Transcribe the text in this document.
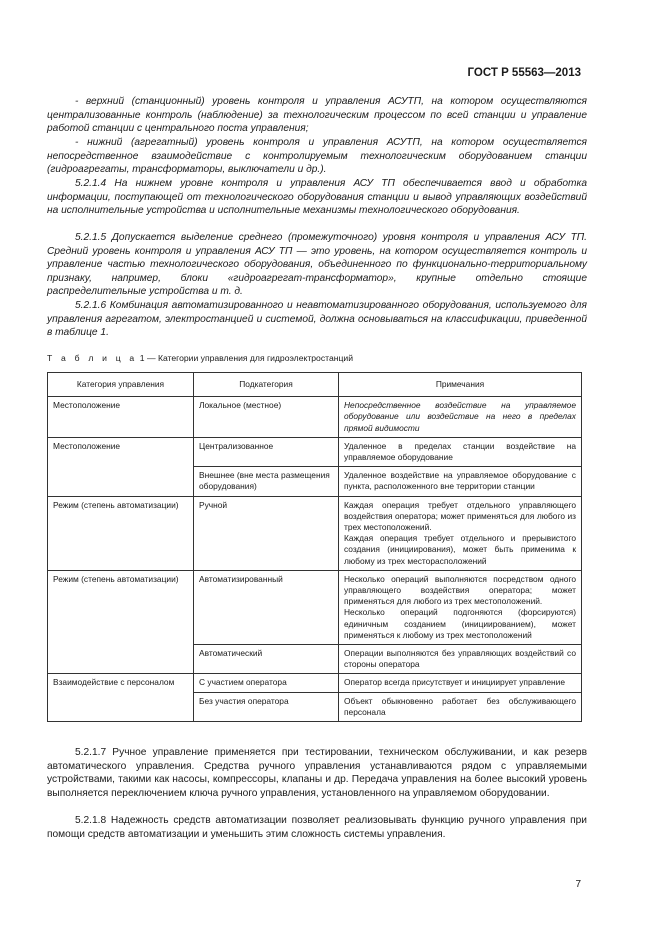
ГОСТ Р 55563—2013

- верхний (станционный) уровень контроля и управления АСУТП, на котором осуществляются централизованные контроль (наблюдение) за технологическим процессом по всей станции и управление работой станции с центрального поста управления;

- нижний (агрегатный) уровень контроля и управления АСУТП, на котором осуществляется непосредственное взаимодействие с контролируемым технологическим оборудованием станции (гидроагрегаты, трансформаторы, выключатели и др.).

5.2.1.4 На нижнем уровне контроля и управления АСУ ТП обеспечивается ввод и обработка информации, поступающей от технологического оборудования станции и вывод управляющих воздействий на исполнительные устройства и исполнительные механизмы технологического оборудования.

5.2.1.5 Допускается выделение среднего (промежуточного) уровня контроля и управления АСУ ТП. Средний уровень контроля и управления АСУ ТП — это уровень, на котором осуществляется контроль и управление частью технологического оборудования, объединенного по функционально-территориальному признаку, например, блоки «гидроагрегат-трансформатор», крупные отдельно стоящие распределительные устройства и т. д.

5.2.1.6 Комбинация автоматизированного и неавтоматизированного оборудования, используемого для управления агрегатом, электростанцией и системой, должна основываться на классификации, приведенной в таблице 1.

Т а б л и ц а 1 — Категории управления для гидроэлектростанций
Категория управления	Подкатегория	Примечания
Местоположение	Локальное (местное)	Непосредственное воздействие на управляемое оборудование или воздействие на него в пределах прямой видимости
Местоположение	Централизованное	Удаленное в пределах станции воздействие на управляемое оборудование
	Внешнее (вне места размещения оборудования)	Удаленное воздействие на управляемое оборудование с пункта, расположенного вне территории станции
Режим (степень автоматизации)	Ручной	Каждая операция требует отдельного управляющего воздействия оператора; может применяться для любого из трех местоположений.
Каждая операция требует отдельного и прерывистого создания (инициирования), может быть применима к любому из трех месторасположений
Режим (степень автоматизации)	Автоматизированный	Несколько операций выполняются посредством одного управляющего воздействия оператора; может применяться для любого из трех местоположений.
Несколько операций подгоняются (форсируются) единичным созданием (инициированием), может применяться к любому из трех местоположений
	Автоматический	Операции выполняются без управляющих воздействий со стороны оператора
Взаимодействие с персоналом	С участием оператора	Оператор всегда присутствует и инициирует управление
	Без участия оператора	Объект обыкновенно работает без обслуживающего персонала

5.2.1.7 Ручное управление применяется при тестировании, техническом обслуживании, и как резерв автоматического управления. Средства ручного управления устанавливаются рядом с управляемыми устройствами, такими как насосы, компрессоры, клапаны и др. Передача управления на более высокий уровень выполняется переключением ключа ручного управления, установленного на управляемом оборудовании.

5.2.1.8 Надежность средств автоматизации позволяет реализовывать функцию ручного управления при помощи средств автоматизации и уменьшить этим сложность системы управления.

7
